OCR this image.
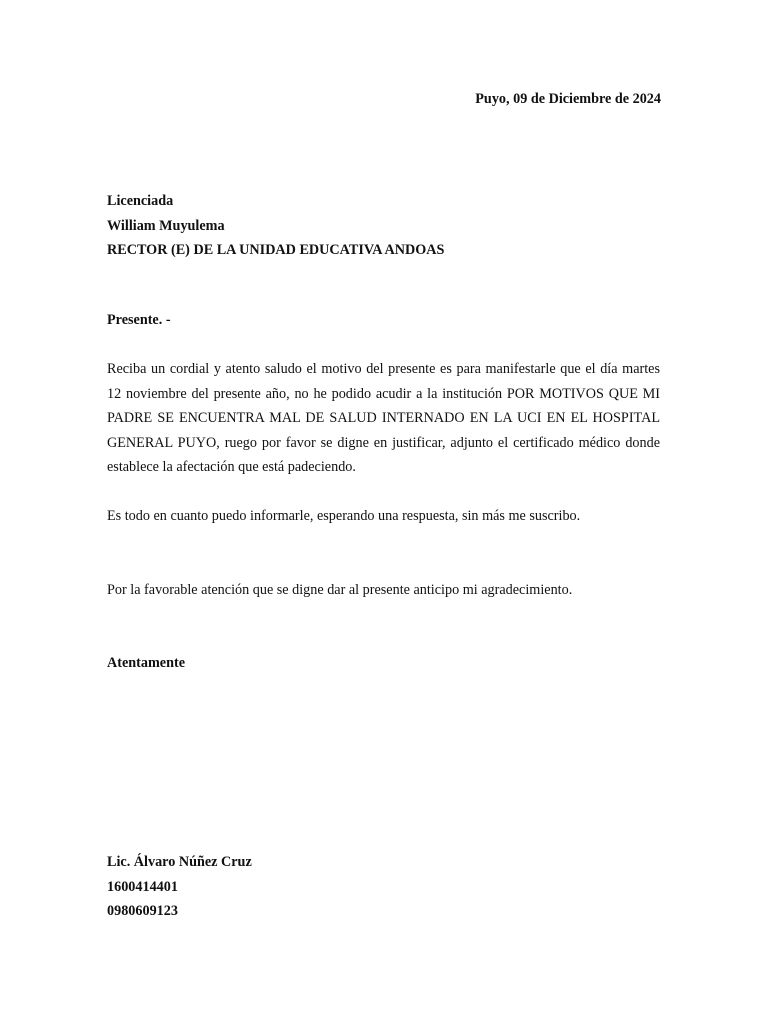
Puyo, 09 de Diciembre de 2024
Licenciada
William Muyulema
RECTOR (E) DE LA UNIDAD EDUCATIVA ANDOAS
Presente. -
Reciba un cordial y atento saludo el motivo del presente es para manifestarle que el día martes 12 noviembre del presente año, no he podido acudir a la institución POR MOTIVOS QUE MI PADRE SE ENCUENTRA MAL DE SALUD INTERNADO EN LA UCI EN EL HOSPITAL GENERAL PUYO, ruego por favor se digne en justificar, adjunto el certificado médico donde establece la afectación que está padeciendo.
Es todo en cuanto puedo informarle, esperando una respuesta, sin más me suscribo.
Por la favorable atención que se digne dar al presente anticipo mi agradecimiento.
Atentamente
Lic. Álvaro Núñez Cruz
1600414401
0980609123
